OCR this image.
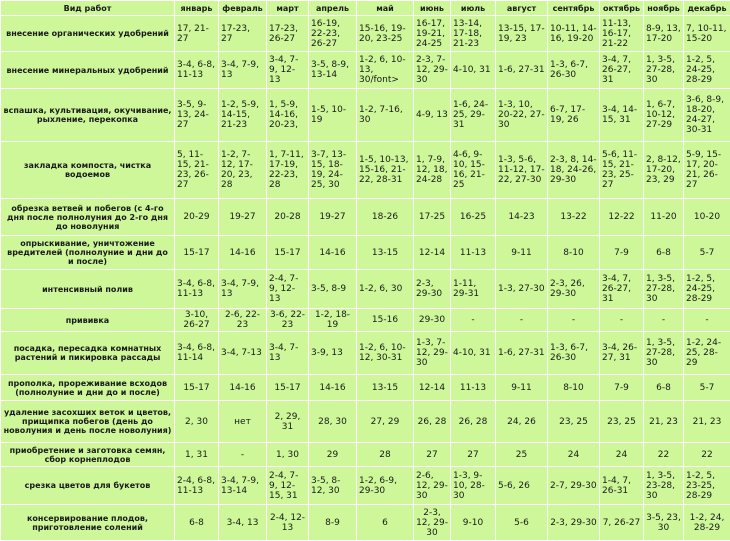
Вид работ	январь	февраль	март	апрель	май	июнь	июль	август	сентябрь	октябрь	ноябрь	декабрь
внесение органических удобрений	17, 21-27	17-23, 27	17-23, 26-27	16-19, 22-23, 26-27	15-16, 19-20, 23-25	16-17, 19-21, 24-25	13-14, 17-18, 21-23	13-15, 17-19, 23	10-11, 14-16, 19-20	11-13, 16-17, 21-22	8-9, 13, 17-20	7, 10-11, 15-20
внесение минеральных удобрений	3-4, 6-8, 11-13	3-4, 7-9, 13	3-4, 7-9, 12-13	3-5, 8-9, 13-14	1-2, 6, 10-13, 30/font>	2-3, 7-12, 29-30	4-10, 31	1-6, 27-31	1-3, 6-7, 26-30	3-4, 7, 26-27, 31	1, 3-5, 27-28, 30	1-2, 5, 24-25, 28-29
вспашка, культивация, окучивание, рыхление, перекопка	3-5, 9-13, 24-27	1-2, 5-9, 14-15, 21-23	1, 5-9, 14-16, 20-23,	1-5, 10-19	1-2, 7-16, 30	4-9, 13	1-6, 24-25, 29-31	1-3, 10, 20-22, 27-30	6-7, 17-19, 26	3-4, 14-15, 31	1, 6-7, 10-12, 27-29	3-6, 8-9, 18-20, 24-27, 30-31
закладка компоста, чистка водоемов	5, 11-15, 21-23, 26-27	1-2, 7-12, 17-20, 23, 28	1, 7-11, 17-19, 22-23, 28	3-7, 13-15, 18-19, 24-25, 30	1-5, 10-13, 15-16, 21-22, 28-31	1, 7-9, 12, 18, 24-28	4-6, 9-10, 15-16, 21-25	1-3, 5-6, 11-12, 17-22, 27-30	2-3, 8, 14-18, 24-26, 29-30	5-6, 11-15, 21-23, 25-27	2, 8-12, 17-20, 23, 29	5-9, 15-17, 20-21, 26-27
обрезка ветвей и побегов (с 4-го дня после полнолуния до 2-го дня до новолуния	20-29	19-27	20-28	19-27	18-26	17-25	16-25	14-23	13-22	12-22	11-20	10-20
опрыскивание, уничтожение вредителей (полнолуние и дни до и после)	15-17	14-16	15-17	14-16	13-15	12-14	11-13	9-11	8-10	7-9	6-8	5-7
интенсивный полив	3-4, 6-8, 11-13	3-4, 7-9, 13	2-4, 7-9, 12-13	3-5, 8-9	1-2, 6, 30	2-3, 29-30	1-11, 29-31	1-3, 27-30	2-3, 26, 29-30	3-4, 7, 26-27, 31	1, 3-5, 27-28, 30	1-2, 5, 24-25, 28-29
прививка	3-10, 26-27	2-6, 22-23	3-6, 22-23	1-2, 18-19	15-16	29-30	-	-	-	-	-	-
посадка, пересадка комнатных растений и пикировка рассады	3-4, 6-8, 11-14	3-4, 7-13	3-4, 7-13	3-9, 13	1-2, 6, 10-12, 30-31	1-3, 7-12, 29-30	4-10, 31	1-6, 27-31	1-3, 6-7, 26-30	3-4, 26-27, 31	1, 3-5, 27-28, 30	1-2, 24-25, 28-29
прополка, прореживание всходов (полнолуние и дни до и после)	15-17	14-16	15-17	14-16	13-15	12-14	11-13	9-11	8-10	7-9	6-8	5-7
удаление засохших веток и цветов, прищипка побегов (день до новолуния и день после новолуния)	2, 30	нет	2, 29, 31	28, 30	27, 29	26, 28	26, 28	24, 26	23, 25	23, 25	21, 23	21, 23
приобретение и заготовка семян, сбор корнеплодов	1, 31	-	1, 30	29	28	27	27	25	24	24	22	22
срезка цветов для букетов	2-4, 6-8, 11-13	3-4, 7-9, 13-14	2-4, 7-9, 12-15, 31	3-5, 8-12, 30	1-2, 6-9, 29-30	2-6, 12, 29-30	1-3, 9-10, 28-30	5-6, 26	2-7, 29-30	1-4, 7, 26-31	1, 3-5, 23-28, 30	1-2, 5, 23-25, 28-29
консервирование плодов, приготовление солений	6-8	3-4, 13	2-4, 12-13	8-9	6	2-3, 12, 29-30	9-10	5-6	2-3, 29-30	7, 26-27	3-5, 23, 30	1-2, 24, 28-29
